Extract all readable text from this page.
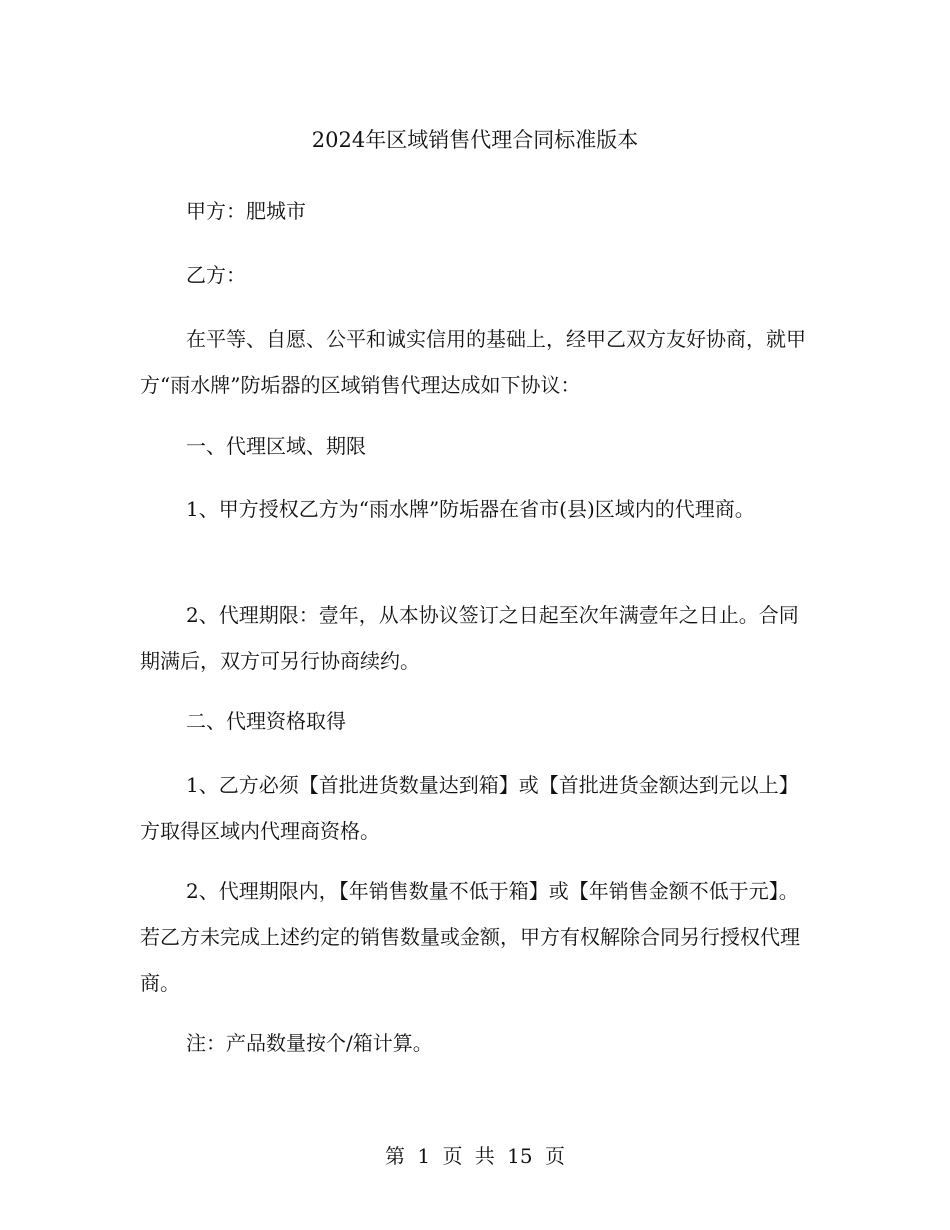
2024年区域销售代理合同标准版本

甲方：肥城市

乙方：

在平等、自愿、公平和诚实信用的基础上，经甲乙双方友好协商，就甲方“雨水牌”防垢器的区域销售代理达成如下协议：

一、代理区域、期限

1、甲方授权乙方为“雨水牌”防垢器在省市(县)区域内的代理商。

2、代理期限：壹年，从本协议签订之日起至次年满壹年之日止。合同期满后，双方可另行协商续约。

二、代理资格取得

1、乙方必须【首批进货数量达到箱】或【首批进货金额达到元以上】方取得区域内代理商资格。

2、代理期限内，【年销售数量不低于箱】或【年销售金额不低于元】。若乙方未完成上述约定的销售数量或金额，甲方有权解除合同另行授权代理商。

注：产品数量按个/箱计算。

第 1 页 共 15 页
